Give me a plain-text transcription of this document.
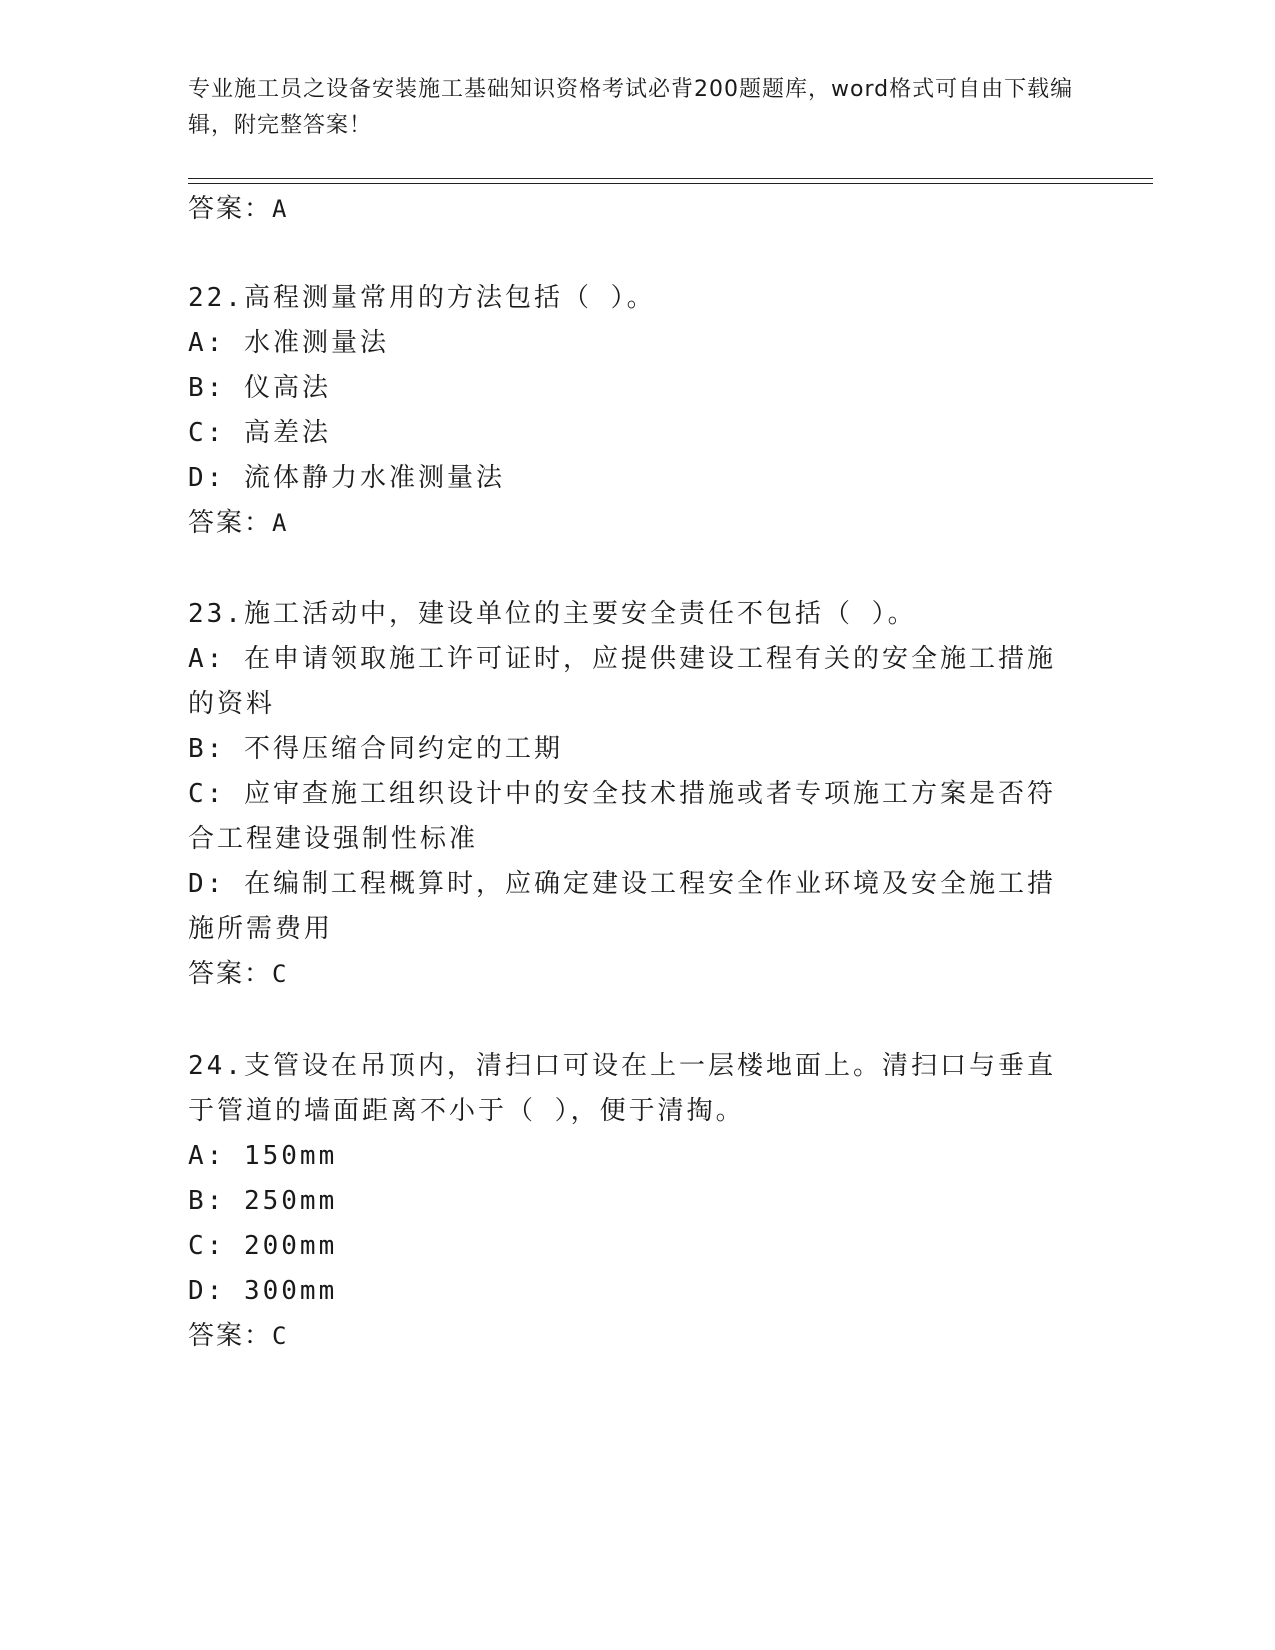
专业施工员之设备安装施工基础知识资格考试必背200题题库，word格式可自由下载编辑，附完整答案！
答案：A

22.高程测量常用的方法包括（ ）。

A: 水准测量法

B: 仪高法

C: 高差法

D: 流体静力水准测量法

答案：A

23.施工活动中，建设单位的主要安全责任不包括（ ）。

A: 在申请领取施工许可证时，应提供建设工程有关的安全施工措施的资料

B: 不得压缩合同约定的工期

C: 应审查施工组织设计中的安全技术措施或者专项施工方案是否符合工程建设强制性标准

D: 在编制工程概算时，应确定建设工程安全作业环境及安全施工措施所需费用

答案：C

24.支管设在吊顶内，清扫口可设在上一层楼地面上。清扫口与垂直于管道的墙面距离不小于（ ），便于清掏。

A: 150mm

B: 250mm

C: 200mm

D: 300mm

答案：C
